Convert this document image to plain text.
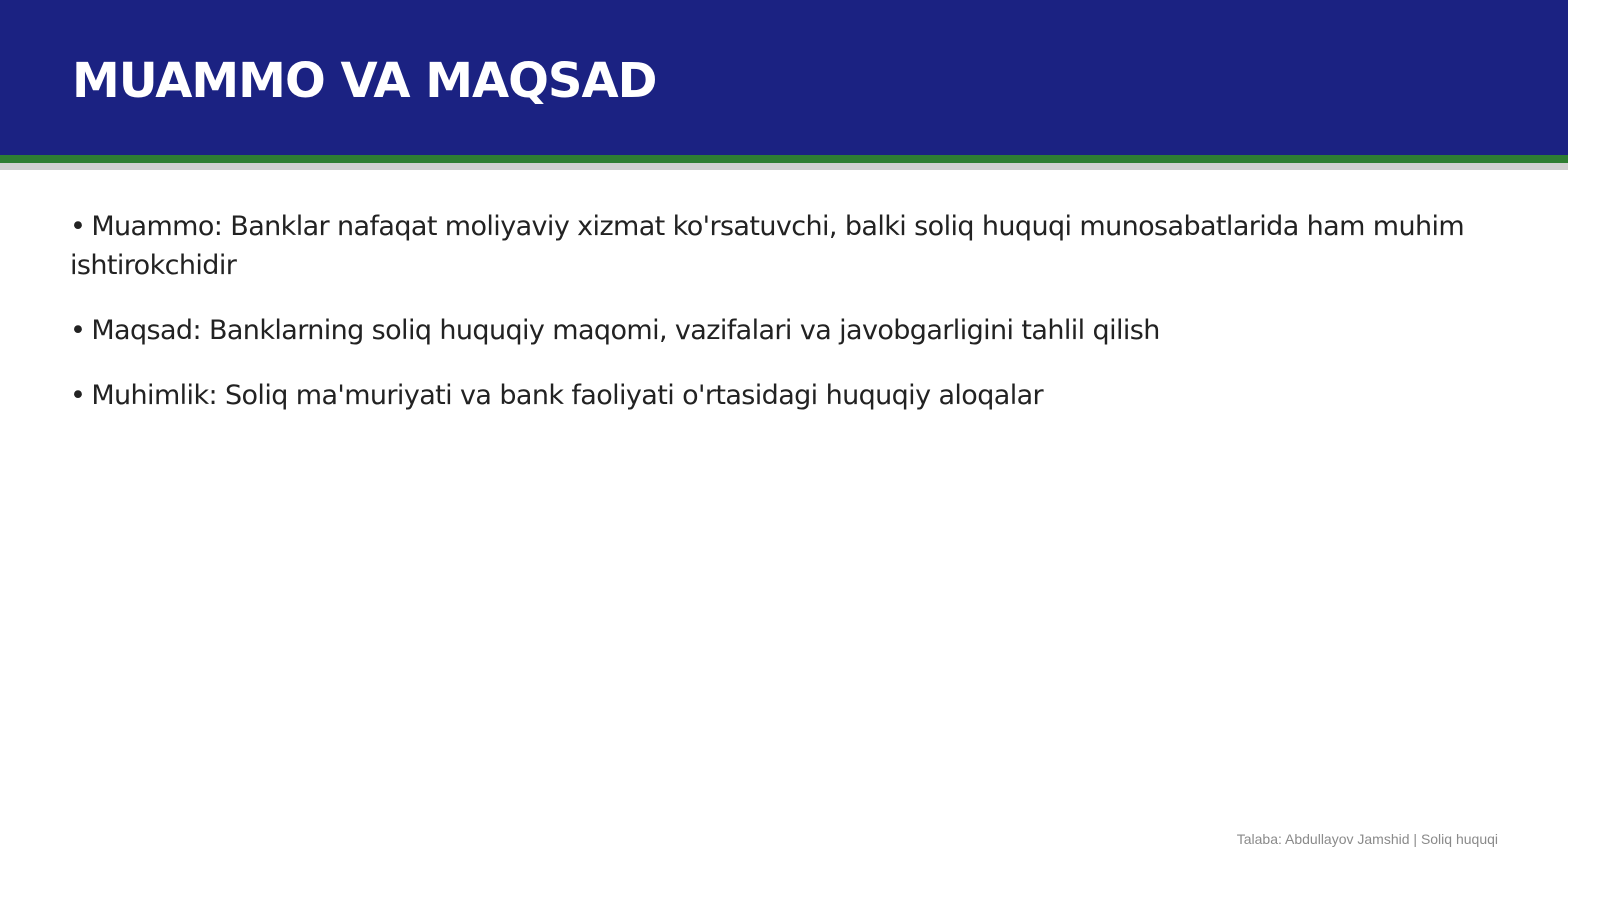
MUAMMO VA MAQSAD
• Muammo: Banklar nafaqat moliyaviy xizmat ko'rsatuvchi, balki soliq huquqi munosabatlarida ham muhim ishtirokchidir
• Maqsad: Banklarning soliq huquqiy maqomi, vazifalari va javobgarligini tahlil qilish
• Muhimlik: Soliq ma'muriyati va bank faoliyati o'rtasidagi huquqiy aloqalar
Talaba: Abdullayov Jamshid | Soliq huquqi
